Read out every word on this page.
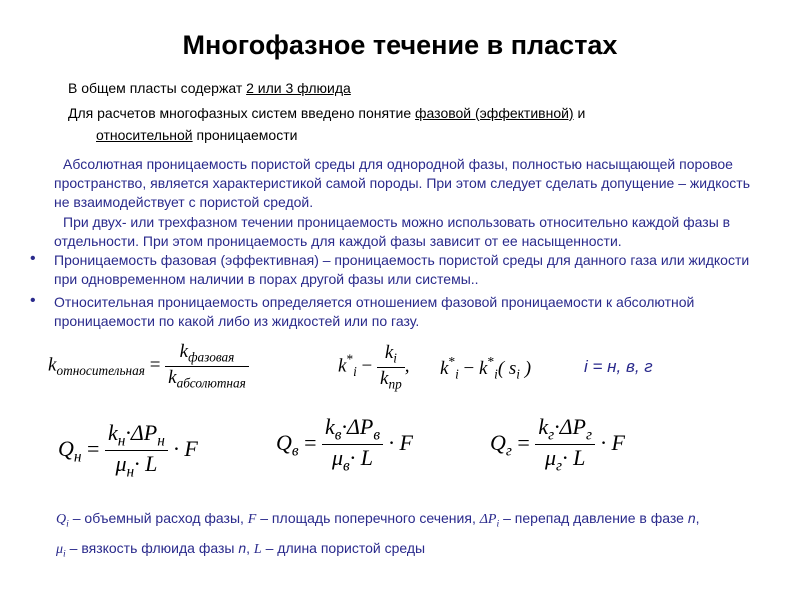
Многофазное течение в пластах
В общем пласты содержат 2 или 3 флюида
Для расчетов многофазных систем введено понятие фазовой (эффективной) и
относительной проницаемости
Абсолютная проницаемость пористой среды для однородной фазы, полностью насыщающей поровое пространство, является характеристикой самой породы. При этом следует сделать допущение – жидкость не взаимодействует с пористой средой.
При двух- или трехфазном течении проницаемость можно использовать относительно каждой фазы в отдельности. При этом проницаемость для каждой фазы зависит от ее насыщенности.
• Проницаемость фазовая (эффективная) – проницаемость пористой среды для данного газа или жидкости при одновременном наличии в порах другой фазы или системы..
• Относительная проницаемость определяется отношением фазовой проницаемости к абсолютной проницаемости по какой либо из жидкостей или по газу.
$k_{относительная} = \frac{k_{фазовая}}{k_{абсолютная}}$	$k^*_i - \frac{k_i}{k_{пр}}$ , $k^*_i - k^*_i$( $s_i$ )	i = н, в, г
$Q_н = \frac{k_н\cdot\Delta P_н}{\mu_н\cdot L} \cdot F$	$Q_в = \frac{k_в\cdot\Delta P_в}{\mu_в\cdot L} \cdot F$	$Q_г = \frac{k_г\cdot\Delta P_г}{\mu_г\cdot L} \cdot F$
$Q_i$ – объемный расход фазы, F – площадь поперечного сечения, $\Delta P_i$ – перепад давление в фазе n,
$\mu_i$ – вязкость флюида фазы n, L – длина пористой среды
